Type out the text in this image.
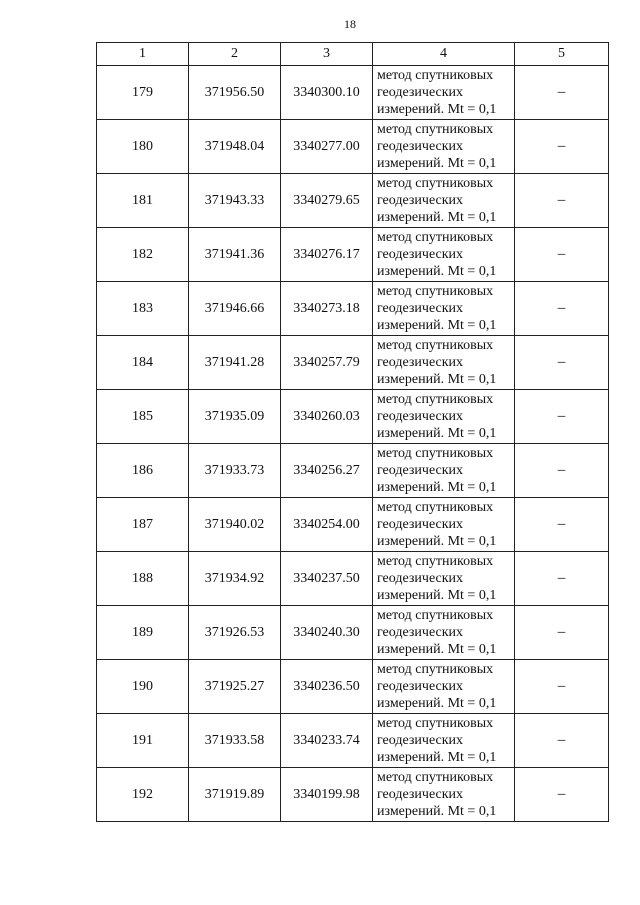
18
1	2	3	4	5
179	371956.50	3340300.10	метод спутниковых
геодезических
измерений. Mt = 0,1	–
180	371948.04	3340277.00	метод спутниковых
геодезических
измерений. Mt = 0,1	–
181	371943.33	3340279.65	метод спутниковых
геодезических
измерений. Mt = 0,1	–
182	371941.36	3340276.17	метод спутниковых
геодезических
измерений. Mt = 0,1	–
183	371946.66	3340273.18	метод спутниковых
геодезических
измерений. Mt = 0,1	–
184	371941.28	3340257.79	метод спутниковых
геодезических
измерений. Mt = 0,1	–
185	371935.09	3340260.03	метод спутниковых
геодезических
измерений. Mt = 0,1	–
186	371933.73	3340256.27	метод спутниковых
геодезических
измерений. Mt = 0,1	–
187	371940.02	3340254.00	метод спутниковых
геодезических
измерений. Mt = 0,1	–
188	371934.92	3340237.50	метод спутниковых
геодезических
измерений. Mt = 0,1	–
189	371926.53	3340240.30	метод спутниковых
геодезических
измерений. Mt = 0,1	–
190	371925.27	3340236.50	метод спутниковых
геодезических
измерений. Mt = 0,1	–
191	371933.58	3340233.74	метод спутниковых
геодезических
измерений. Mt = 0,1	–
192	371919.89	3340199.98	метод спутниковых
геодезических
измерений. Mt = 0,1	–
